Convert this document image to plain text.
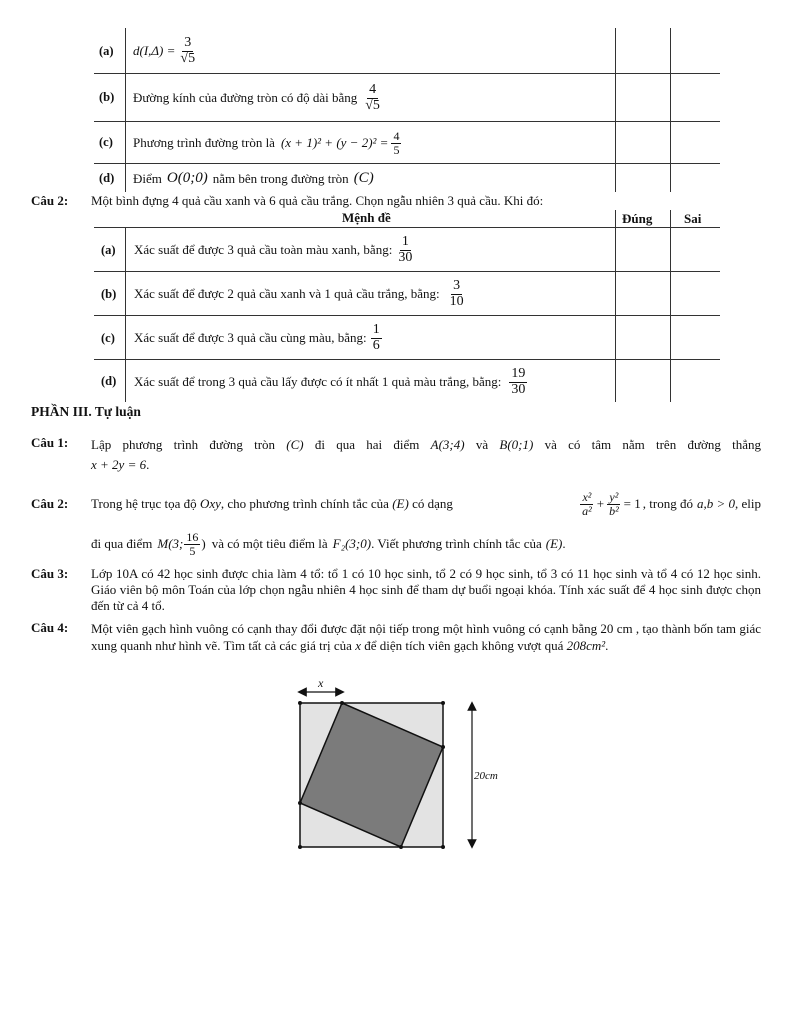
(a) $d(I,\Delta) = \frac{3}{√5}$
(b) Đường kính của đường tròn có độ dài bằng $\frac{4}{√5}$
(c) Phương trình đường tròn là $(x + 1)^2 + (y - 2)^2 = \frac{4}{5}$
(d) Điểm O(0;0) nằm bên trong đường tròn (C)
Câu 2: Một bình đựng 4 quả cầu xanh và 6 quả cầu trắng. Chọn ngẫu nhiên 3 quả cầu. Khi đó:
Mệnh đề	Đúng Sai
(a) Xác suất để được 3 quả cầu toàn màu xanh, bằng: $\frac{1}{30}$
(b) Xác suất để được 2 quả cầu xanh và 1 quả cầu trắng, bằng: $\frac{3}{10}$
(c) Xác suất để được 3 quả cầu cùng màu, bằng: $\frac{1}{6}$
(d) Xác suất để trong 3 quả cầu lấy được có ít nhất 1 quả màu trắng, bằng: $\frac{19}{30}$
PHẦN III. Tự luận
Câu 1: Lập phương trình đường tròn (C) đi qua hai điểm A(3;4) và B(0;1) và có tâm nằm trên đường thẳng

x + 2y = 6.

Câu 2: Trong hệ trục tọa độ Oxy, cho phương trình chính tắc của (E) có dạng	$\frac{\text{x²}}{\text{a²}} + \frac{\text{y²}}{\text{b²}} = 1$ , trong đó a,b > 0 , elip
đi qua điểm M(3; $\frac{16}{5}$ ) và có một tiêu điểm là F₂(3;0) . Viết phương trình chính tắc của (E) .
Câu 3: Lớp 10A có 42 học sinh được chia làm 4 tổ: tổ 1 có 10 học sinh, tổ 2 có 9 học sinh, tổ 3 có 11 học sinh và tổ 4 có 12 học sinh. Giáo viên bộ môn Toán của lớp chọn ngẫu nhiên 4 học sinh để tham dự buổi ngoại khóa. Tính xác suất để 4 học sinh được chọn đến từ cả 4 tổ.

Câu 4: Một viên gạch hình vuông có cạnh thay đổi được đặt nội tiếp trong một hình vuông có cạnh bằng 20 cm , tạo thành bốn tam giác xung quanh như hình vẽ. Tìm tất cả các giá trị của x để diện tích viên gạch không vượt quá 208cm².

x
20cm
